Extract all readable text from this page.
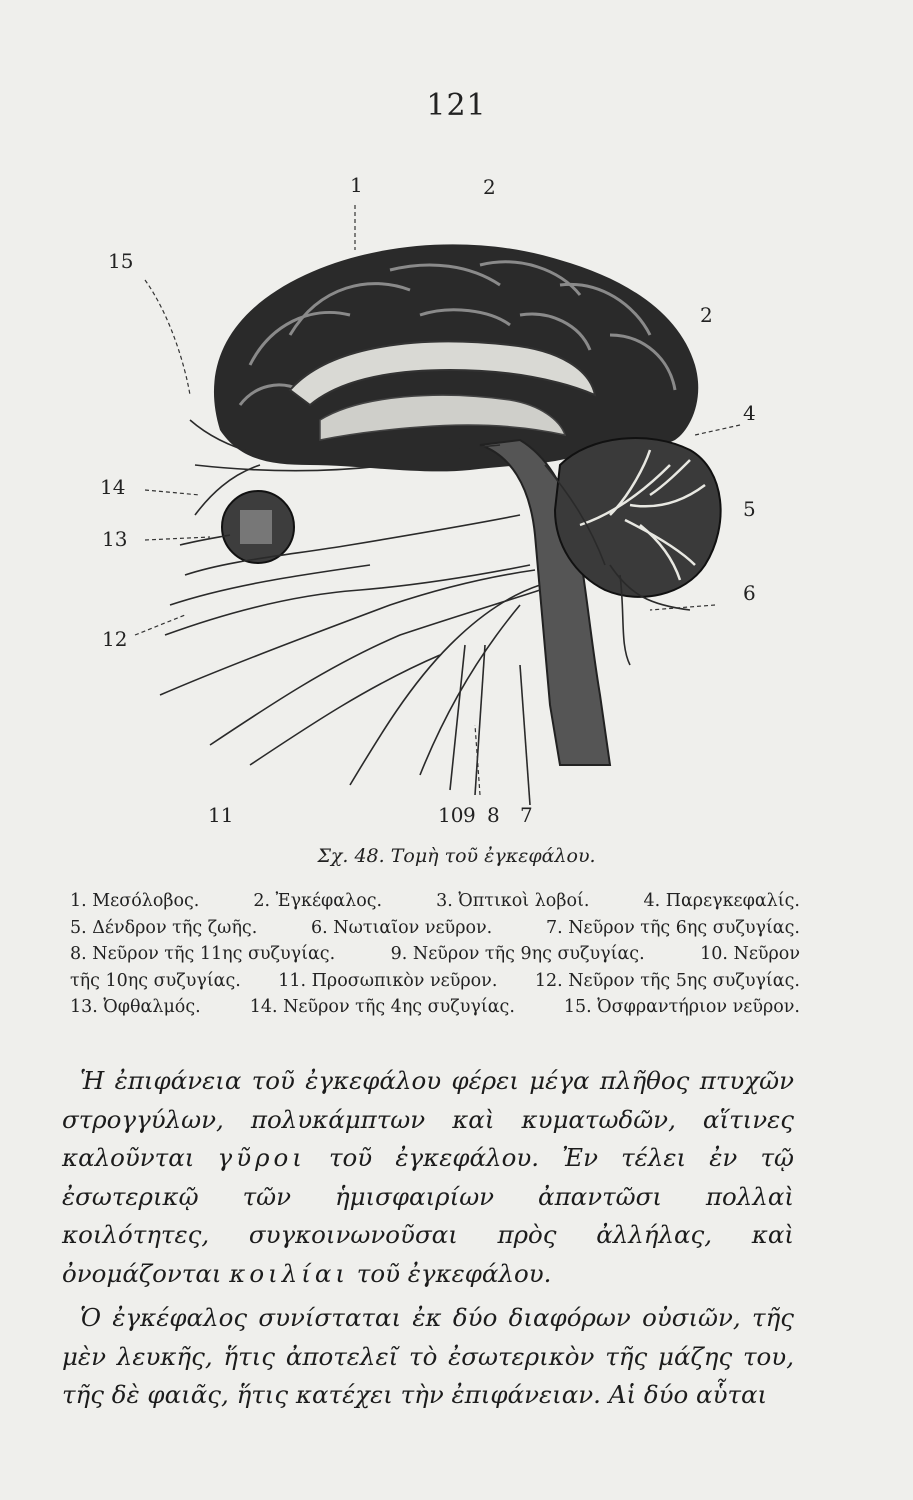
121
1	2
15
2
4
14
5
13
6
12
11	10 9 8 7
Σχ. 48. Τομὴ τοῦ ἐγκεφάλου.
1. Μεσόλοβος.	2. Ἐγκέφαλος.	3. Ὀπτικοὶ λοβοί.	4. Παρεγκεφαλίς.
5. Δένδρον τῆς ζωῆς.	6. Νωτιαῖον νεῦρον.	7. Νεῦρον τῆς 6ης συζυγίας.
8. Νεῦρον τῆς 11ης συζυγίας.	9. Νεῦρον τῆς 9ης συζυγίας.	10. Νεῦρον
τῆς 10ης συζυγίας. 11. Προσωπικὸν νεῦρον. 12. Νεῦρον τῆς 5ης συζυγίας.
13. Ὀφθαλμός.	14. Νεῦρον τῆς 4ης συζυγίας.	15. Ὀσφραντήριον νεῦρον.

Ἡ ἐπιφάνεια τοῦ ἐγκεφάλου φέρει μέγα πλῆθος πτυχῶν στρογγύλων, πολυκάμπτων καὶ κυματωδῶν, αἵτινες καλοῦνται γῦροι τοῦ ἐγκεφάλου. Ἐν τέλει ἐν τῷ ἐσωτερικῷ τῶν ἡμισφαιρίων ἀπαντῶσι πολλαὶ κοιλότητες, συγκοινωνοῦσαι πρὸς ἀλλήλας, καὶ ὀνομάζονται κοιλίαι τοῦ ἐγκεφάλου.

Ὁ ἐγκέφαλος συνίσταται ἐκ δύο διαφόρων οὐσιῶν, τῆς μὲν λευκῆς, ἥτις ἀποτελεῖ τὸ ἐσωτερικὸν τῆς μάζης του, τῆς δὲ φαιᾶς, ἥτις κατέχει τὴν ἐπιφάνειαν. Αἱ δύο αὗται
